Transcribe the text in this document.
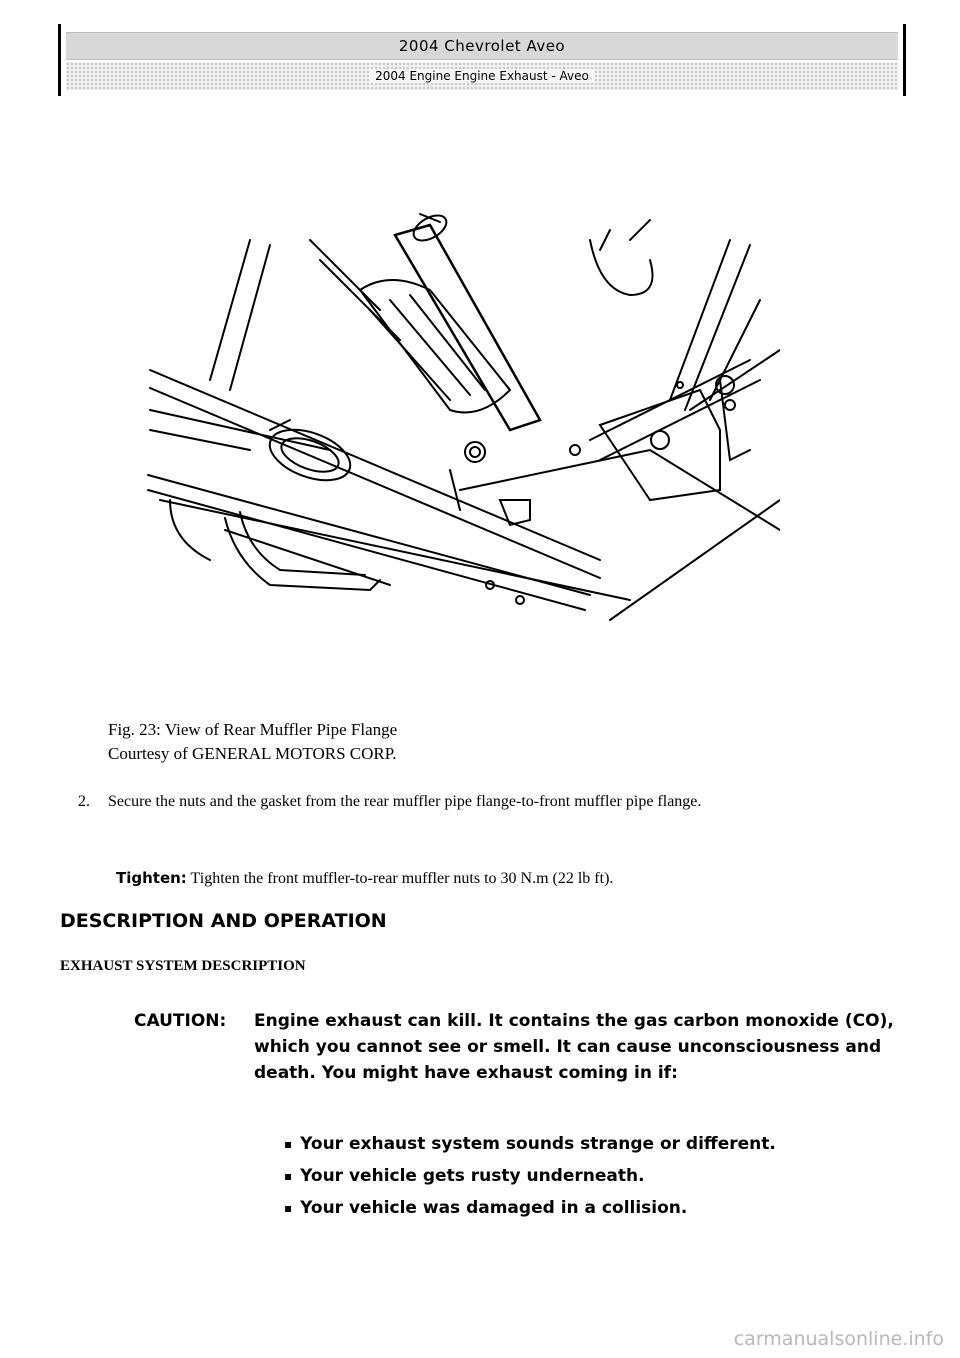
2004 Chevrolet Aveo
2004 Engine Engine Exhaust - Aveo
Fig. 23: View of Rear Muffler Pipe Flange
Courtesy of GENERAL MOTORS CORP.
2. Secure the nuts and the gasket from the rear muffler pipe flange-to-front muffler pipe flange.
Tighten: Tighten the front muffler-to-rear muffler nuts to 30 N.m (22 lb ft).
DESCRIPTION AND OPERATION
EXHAUST SYSTEM DESCRIPTION
CAUTION: Engine exhaust can kill. It contains the gas carbon monoxide (CO), which you cannot see or smell. It can cause unconsciousness and death. You might have exhaust coming in if:
▪ Your exhaust system sounds strange or different.
▪ Your vehicle gets rusty underneath.
▪ Your vehicle was damaged in a collision.
carmanualsonline.info
